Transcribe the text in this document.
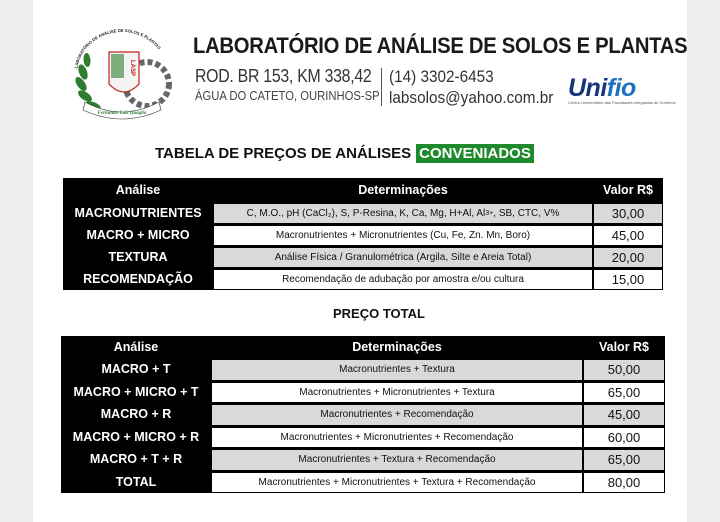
LABORATÓRIO DE ANÁLISE DE SOLOS E PLANTAS
LASP
Fernando Luiz Quaglio
LABORATÓRIO DE ANÁLISE DE SOLOS E PLANTAS
ROD. BR 153, KM 338,42
ÁGUA DO CATETO, OURINHOS-SP
(14) 3302-6453
labsolos@yahoo.com.br Unifio
Centro Universitário das Faculdades Integradas de Ourinhos
TABELA DE PREÇOS DE ANÁLISES CONVENIADOS
Análise	Determinações	Valor R$
MACRONUTRIENTES	C, M.O., pH (CaCl₂), S, P-Resina, K, Ca, Mg, H+Al, Al 3+ , SB, CTC, V%	30,00

MACRO + MICRO	Macronutrientes + Micronutrientes (Cu, Fe, Zn. Mn, Boro)	45,00

TEXTURA	Análise Física / Granulométrica (Argila, Silte e Areia Total)	20,00

RECOMENDAÇÃO	Recomendação de adubação por amostra e/ou cultura	15,00
PREÇO TOTAL
Análise	Determinações	Valor R$
MACRO + T	Macronutrientes + Textura	50,00

MACRO + MICRO + T	Macronutrientes + Micronutrientes + Textura	65,00

MACRO + R	Macronutrientes + Recomendação	45,00

MACRO + MICRO + R	Macronutrientes + Micronutrientes + Recomendação	60,00

MACRO + T + R	Macronutrientes + Textura + Recomendação	65,00

TOTAL	Macronutrientes + Micronutrientes + Textura + Recomendação	80,00
